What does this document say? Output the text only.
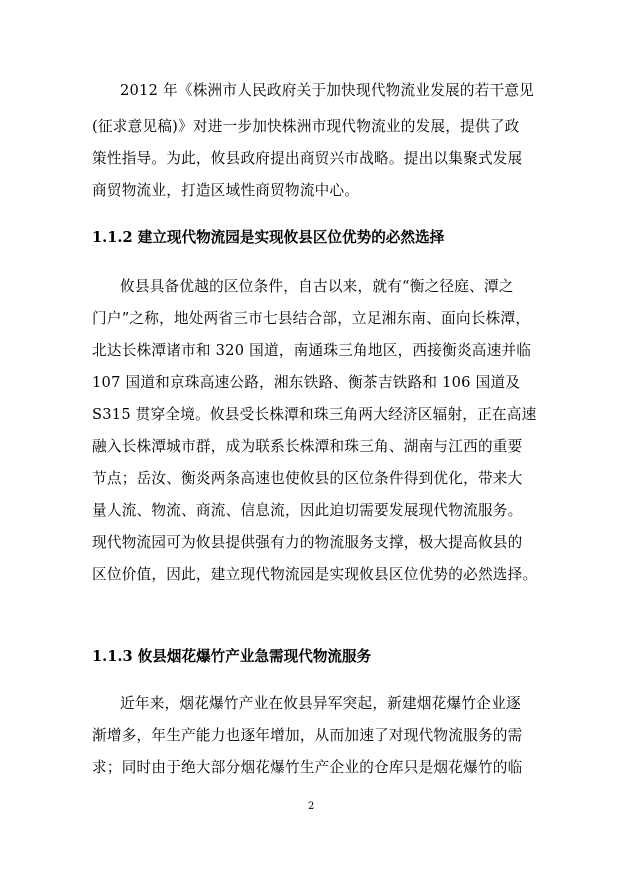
2012 年《株洲市人民政府关于加快现代物流业发展的若干意见
(征求意见稿)》对进一步加快株洲市现代物流业的发展，提供了政
策性指导。为此，攸县政府提出商贸兴市战略。提出以集聚式发展
商贸物流业，打造区域性商贸物流中心。
1.1.2 建立现代物流园是实现攸县区位优势的必然选择
攸县具备优越的区位条件，自古以来，就有“衡之径庭、潭之
门户”之称，地处两省三市七县结合部，立足湘东南、面向长株潭，
北达长株潭诸市和 320 国道，南通珠三角地区，西接衡炎高速并临
107 国道和京珠高速公路，湘东铁路、衡茶吉铁路和 106 国道及
S315 贯穿全境。攸县受长株潭和珠三角两大经济区辐射，正在高速
融入长株潭城市群，成为联系长株潭和珠三角、湖南与江西的重要
节点；岳汝、衡炎两条高速也使攸县的区位条件得到优化，带来大
量人流、物流、商流、信息流，因此迫切需要发展现代物流服务。
现代物流园可为攸县提供强有力的物流服务支撑，极大提高攸县的
区位价值，因此，建立现代物流园是实现攸县区位优势的必然选择。
1.1.3 攸县烟花爆竹产业急需现代物流服务
近年来，烟花爆竹产业在攸县异军突起，新建烟花爆竹企业逐
渐增多，年生产能力也逐年增加，从而加速了对现代物流服务的需
求；同时由于绝大部分烟花爆竹生产企业的仓库只是烟花爆竹的临
2
